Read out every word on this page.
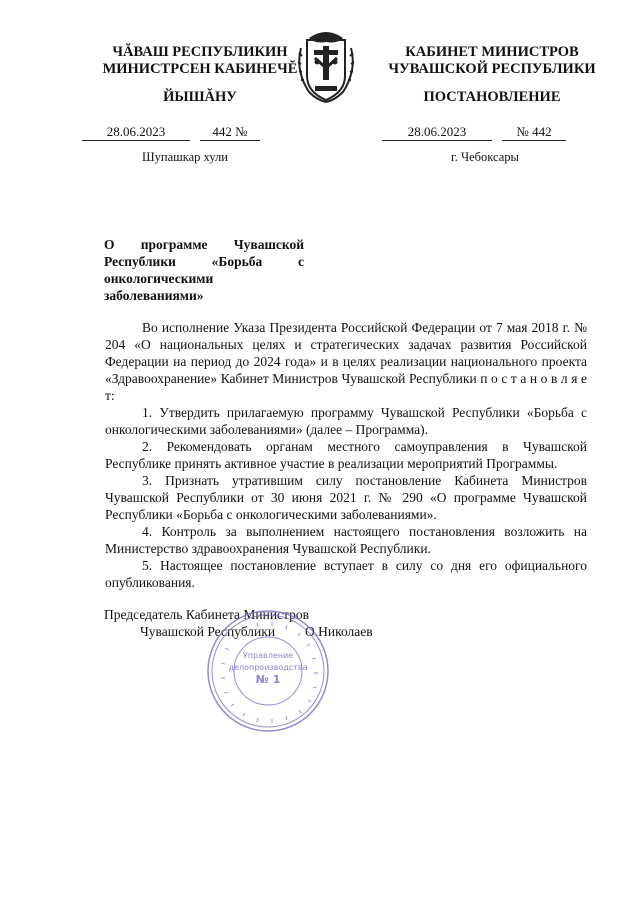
ЧĂВАШ РЕСПУБЛИКИН
МИНИСТРСЕН КАБИНЕЧĔ
ЙЫШĂНУ
КАБИНЕТ МИНИСТРОВ
ЧУВАШСКОЙ РЕСПУБЛИКИ
ПОСТАНОВЛЕНИЕ
28.06.2023	442 №	28.06.2023	№ 442
Шупашкар хули	г. Чебоксары
О программе Чувашской Республики «Борьба с онкологическими заболеваниями»

Во исполнение Указа Президента Российской Федерации от 7 мая 2018 г. № 204 «О национальных целях и стратегических задачах развития Российской Федерации на период до 2024 года» и в целях реализации национального проекта «Здравоохранение» Кабинет Министров Чувашской Республики п о с т а н о в л я е т:

1. Утвердить прилагаемую программу Чувашской Республики «Борьба с онкологическими заболеваниями» (далее – Программа).

2. Рекомендовать органам местного самоуправления в Чувашской Республике принять активное участие в реализации мероприятий Программы.

3. Признать утратившим силу постановление Кабинета Министров Чувашской Республики от 30 июня 2021 г. № 290 «О программе Чувашской Республики «Борьба с онкологическими заболеваниями».

4. Контроль за выполнением настоящего постановления возложить на Министерство здравоохранения Чувашской Республики.

5. Настоящее постановление вступает в силу со дня его официального опубликования.

Председатель Кабинета Министров
Чувашской Республики О.Николаев
Управление
делопроизводства
№ 1
